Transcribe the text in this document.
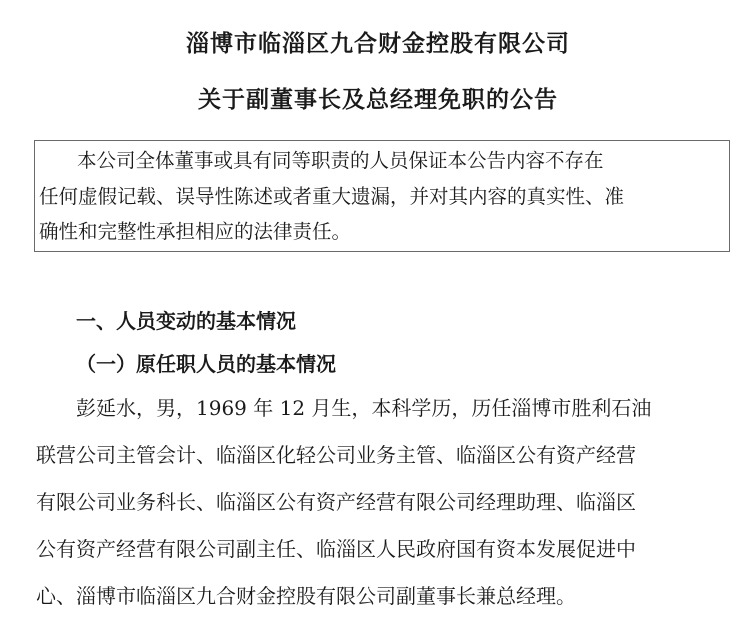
淄博市临淄区九合财金控股有限公司
关于副董事长及总经理免职的公告
本公司全体董事或具有同等职责的人员保证本公告内容不存在
任何虚假记载、误导性陈述或者重大遗漏，并对其内容的真实性、准
确性和完整性承担相应的法律责任。
一、人员变动的基本情况
（一）原任职人员的基本情况
彭延水，男，1969 年 12 月生，本科学历，历任淄博市胜利石油
联营公司主管会计、临淄区化轻公司业务主管、临淄区公有资产经营
有限公司业务科长、临淄区公有资产经营有限公司经理助理、临淄区
公有资产经营有限公司副主任、临淄区人民政府国有资本发展促进中
心、淄博市临淄区九合财金控股有限公司副董事长兼总经理。
